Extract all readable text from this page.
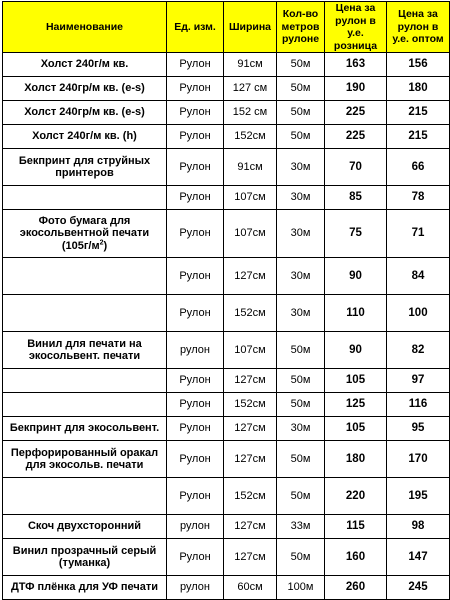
Наименование	Ед. изм.	Ширина	Кол-во метров рулоне	Цена за рулон в у.е. розница	Цена за рулон в у.е. оптом
Холст 240г/м кв.	Рулон	91см	50м	163	156
Холст 240гр/м кв. (e-s)	Рулон	127 см	50м	190	180
Холст 240гр/м кв. (e-s)	Рулон	152 см	50м	225	215
Холст 240г/м кв. (h)	Рулон	152см	50м	225	215
Бекпринт для струйных принтеров	Рулон	91см	30м	70	66
	Рулон	107см	30м	85	78
Фото бумага для экосольвентной печати $(105г/м^2)$	Рулон	107см	30м	75	71
	Рулон	127см	30м	90	84
	Рулон	152см	30м	110	100
Винил для печати на экосольвент. печати	рулон	107см	50м	90	82
	Рулон	127см	50м	105	97
	Рулон	152см	50м	125	116
Бекпринт для экосольвент.	Рулон	127см	30м	105	95
Перфорированный оракал для экосольв. печати	Рулон	127см	50м	180	170
	Рулон	152см	50м	220	195
Скоч двухсторонний	рулон	127см	33м	115	98
Винил прозрачный серый (туманка)	Рулон	127см	50м	160	147
ДТФ плёнка для УФ печати	рулон	60см	100м	260	245
